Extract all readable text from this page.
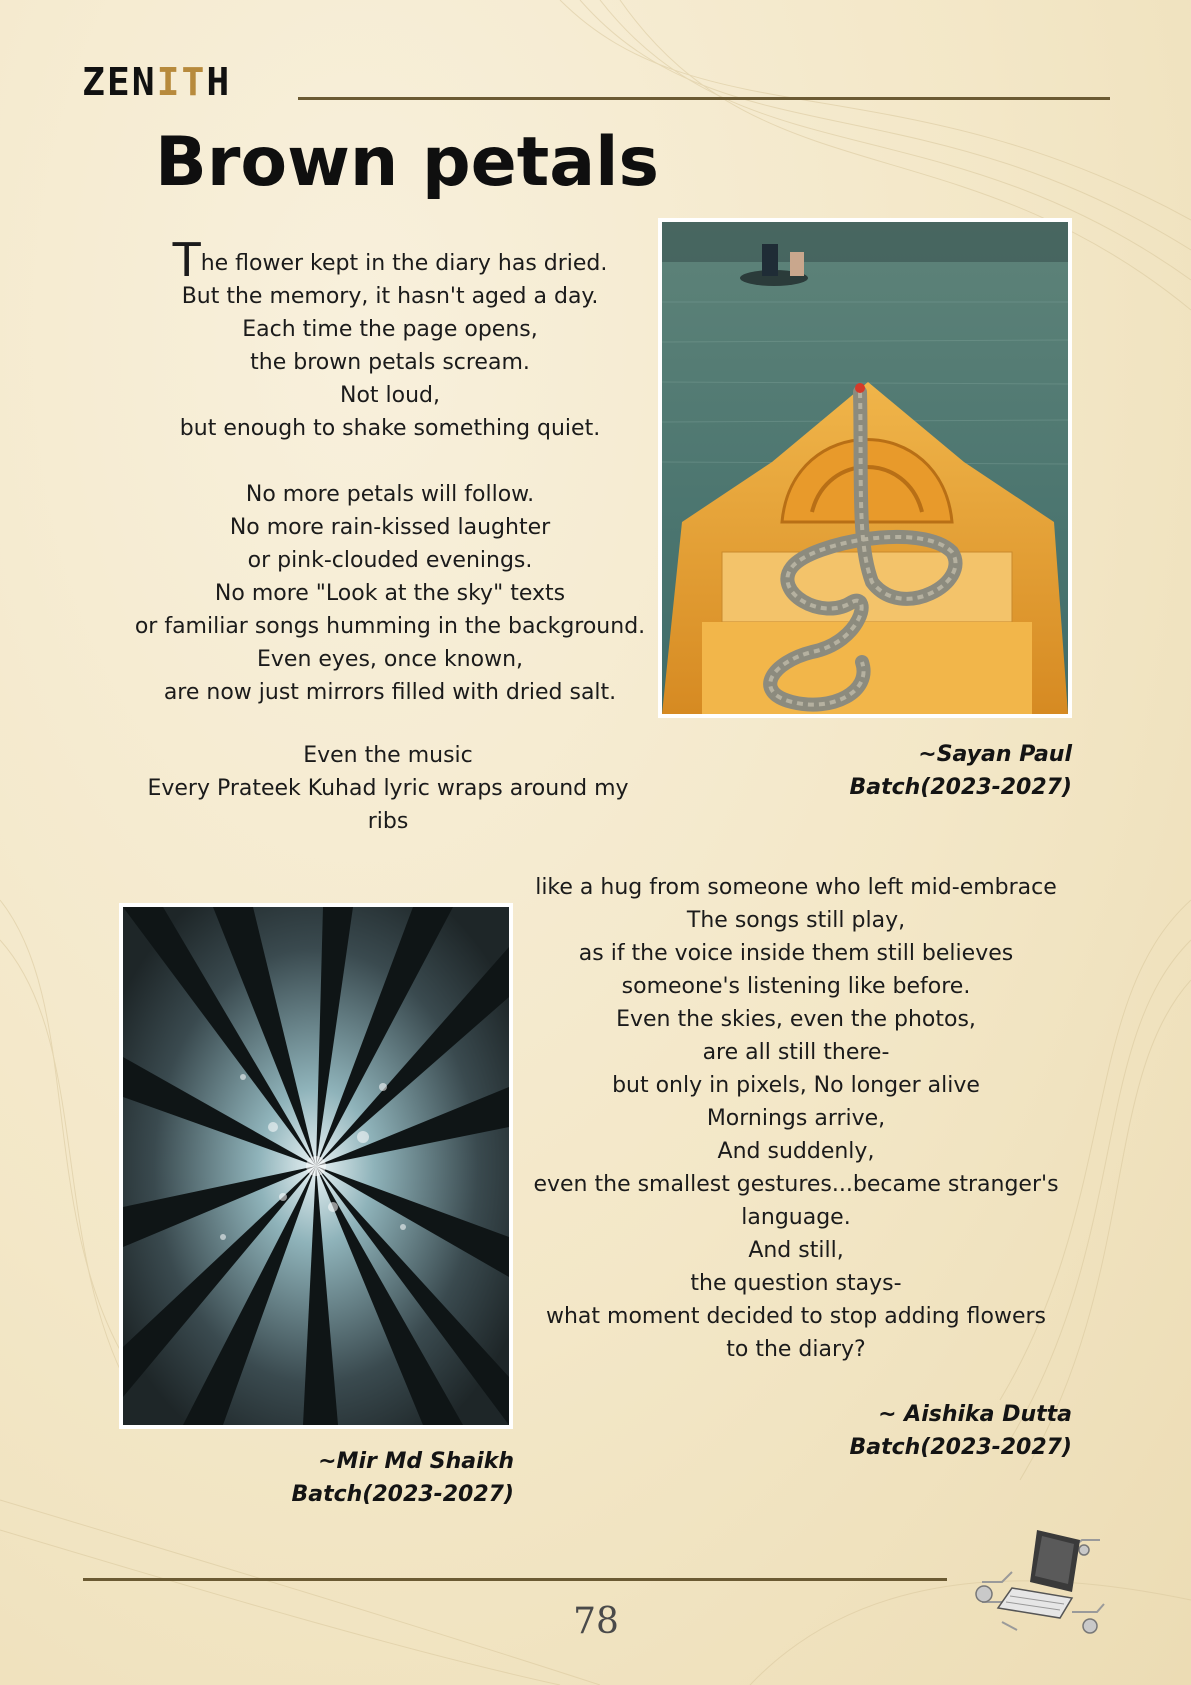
ZENITH
Brown petals

The flower kept in the diary has dried.

But the memory, it hasn't aged a day.

Each time the page opens,

the brown petals scream.

Not loud,

but enough to shake something quiet.

No more petals will follow.

No more rain-kissed laughter

or pink-clouded evenings.

No more "Look at the sky" texts

or familiar songs humming in the background.

Even eyes, once known,

are now just mirrors filled with dried salt.

Even the music

Every Prateek Kuhad lyric wraps around my

ribs

~Sayan Paul
Batch(2023-2027)

like a hug from someone who left mid-embrace

The songs still play,

as if the voice inside them still believes

someone's listening like before.

Even the skies, even the photos,

are all still there-

but only in pixels, No longer alive

Mornings arrive,

And suddenly,

even the smallest gestures...became stranger's

language.

And still,

the question stays-

what moment decided to stop adding flowers

to the diary?

~ Aishika Dutta
Batch(2023-2027)
~Mir Md Shaikh
Batch(2023-2027)
78
